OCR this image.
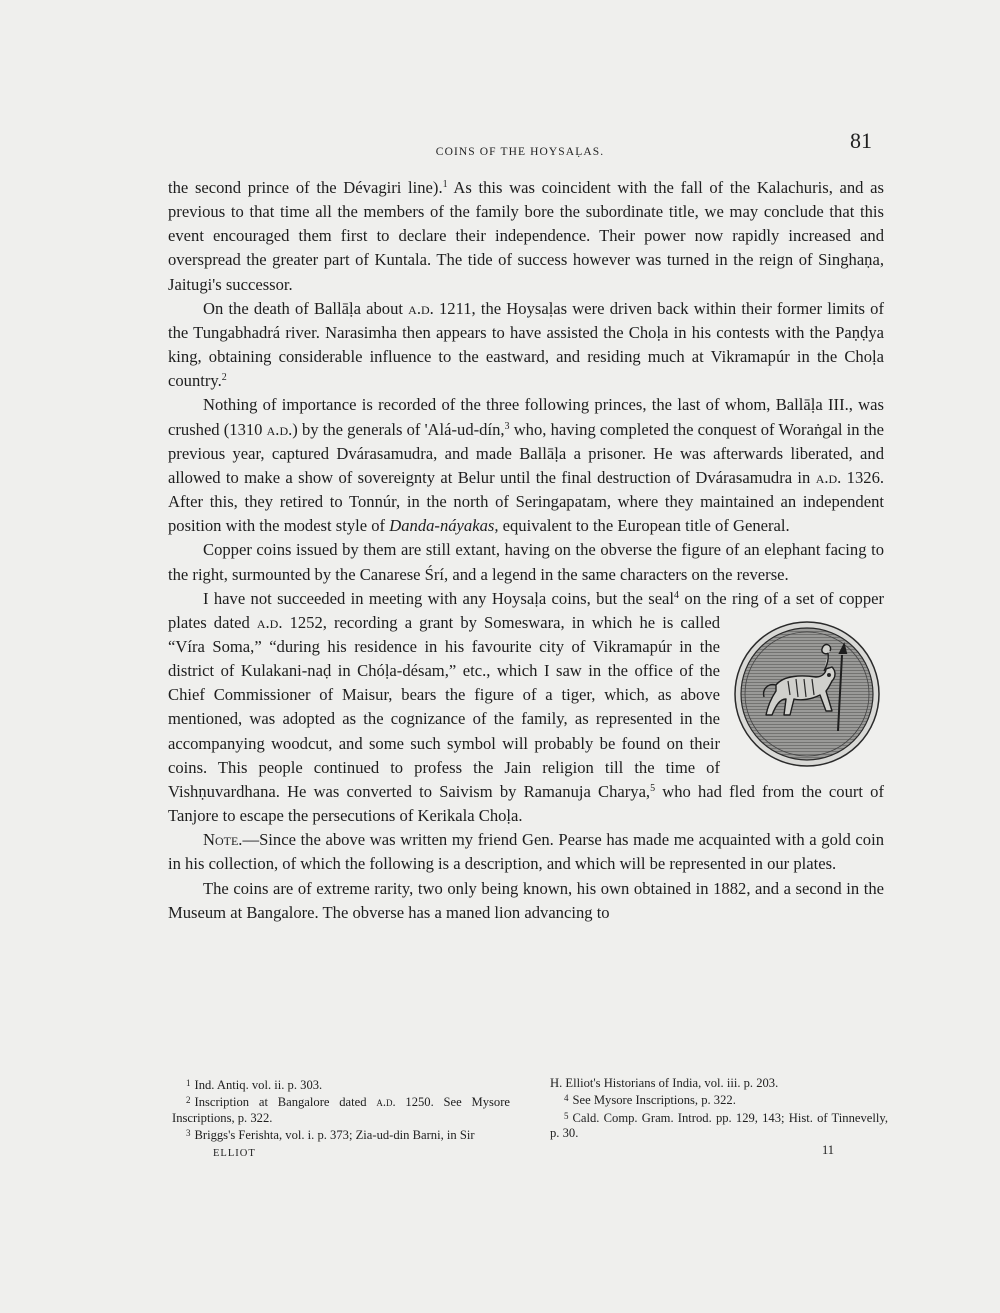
COINS OF THE HOYSAḶAS.	81

the second prince of the Dévagiri line).$^1$ As this was coincident with the fall of the Kalachuris, and as previous to that time all the members of the family bore the subordinate title, we may conclude that this event encouraged them first to declare their independence. Their power now rapidly increased and overspread the greater part of Kuntala. The tide of success however was turned in the reign of Singhaṇa, Jaitugi's successor.

On the death of Ballāḷa about a.d. 1211, the Hoysaḷas were driven back within their former limits of the Tungabhadrá river. Narasimha then appears to have assisted the Choḷa in his contests with the Paṇḍya king, obtaining considerable influence to the eastward, and residing much at Vikramapúr in the Choḷa country.$^2$

Nothing of importance is recorded of the three following princes, the last of whom, Ballāḷa III., was crushed (1310 a.d.) by the generals of 'Alá-ud-dín,$^3$ who, having completed the conquest of Woraṅgal in the previous year, captured Dvárasamudra, and made Ballāḷa a prisoner. He was afterwards liberated, and allowed to make a show of sovereignty at Belur until the final destruction of Dvárasamudra in a.d. 1326. After this, they retired to Tonnúr, in the north of Seringapatam, where they maintained an independent position with the modest style of Danda-náyakas, equivalent to the European title of General.

Copper coins issued by them are still extant, having on the obverse the figure of an elephant facing to the right, surmounted by the Canarese Śrí, and a legend in the same characters on the reverse.

I have not succeeded in meeting with any Hoysaḷa coins, but the seal$^4$ on the ring of a set of copper plates dated a.d.
1252, recording a grant by Someswara, in which he is called “Víra Soma,” “during his residence in his favourite city of Vikramapúr in the district of Kulakani-naḍ in Chóḷa-désam,” etc., which I saw in the office of the Chief Commissioner of Maisur, bears the figure of a tiger, which, as above mentioned, was adopted as the cognizance of the family, as represented in the accompanying woodcut, and some such symbol will probably be found on their coins. This people continued to profess the Jain religion till the time of Vishṇuvardhana. He was converted to Saivism by Ramanuja Charya,$^5$ who had fled from the court of Tanjore to escape the persecutions of Kerikala Choḷa.

Note.—Since the above was written my friend Gen. Pearse has made me acquainted with a gold coin in his collection, of which the following is a description, and which will be represented in our plates.

The coins are of extreme rarity, two only being known, his own obtained in 1882, and a second in the Museum at Bangalore. The obverse has a maned lion advancing to

$^1$ Ind. Antiq. vol. ii. p. 303.

$^2$ Inscription at Bangalore dated a.d. 1250. See Mysore Inscriptions, p. 322.

$^3$ Briggs's Ferishta, vol. i. p. 373; Zia-ud-din Barni, in Sir

H. Elliot's Historians of India, vol. iii. p. 203.

$^4$ See Mysore Inscriptions, p. 322.

$^5$ Cald. Comp. Gram. Introd. pp. 129, 143; Hist. of Tinnevelly, p. 30.

ELLIOT	11
